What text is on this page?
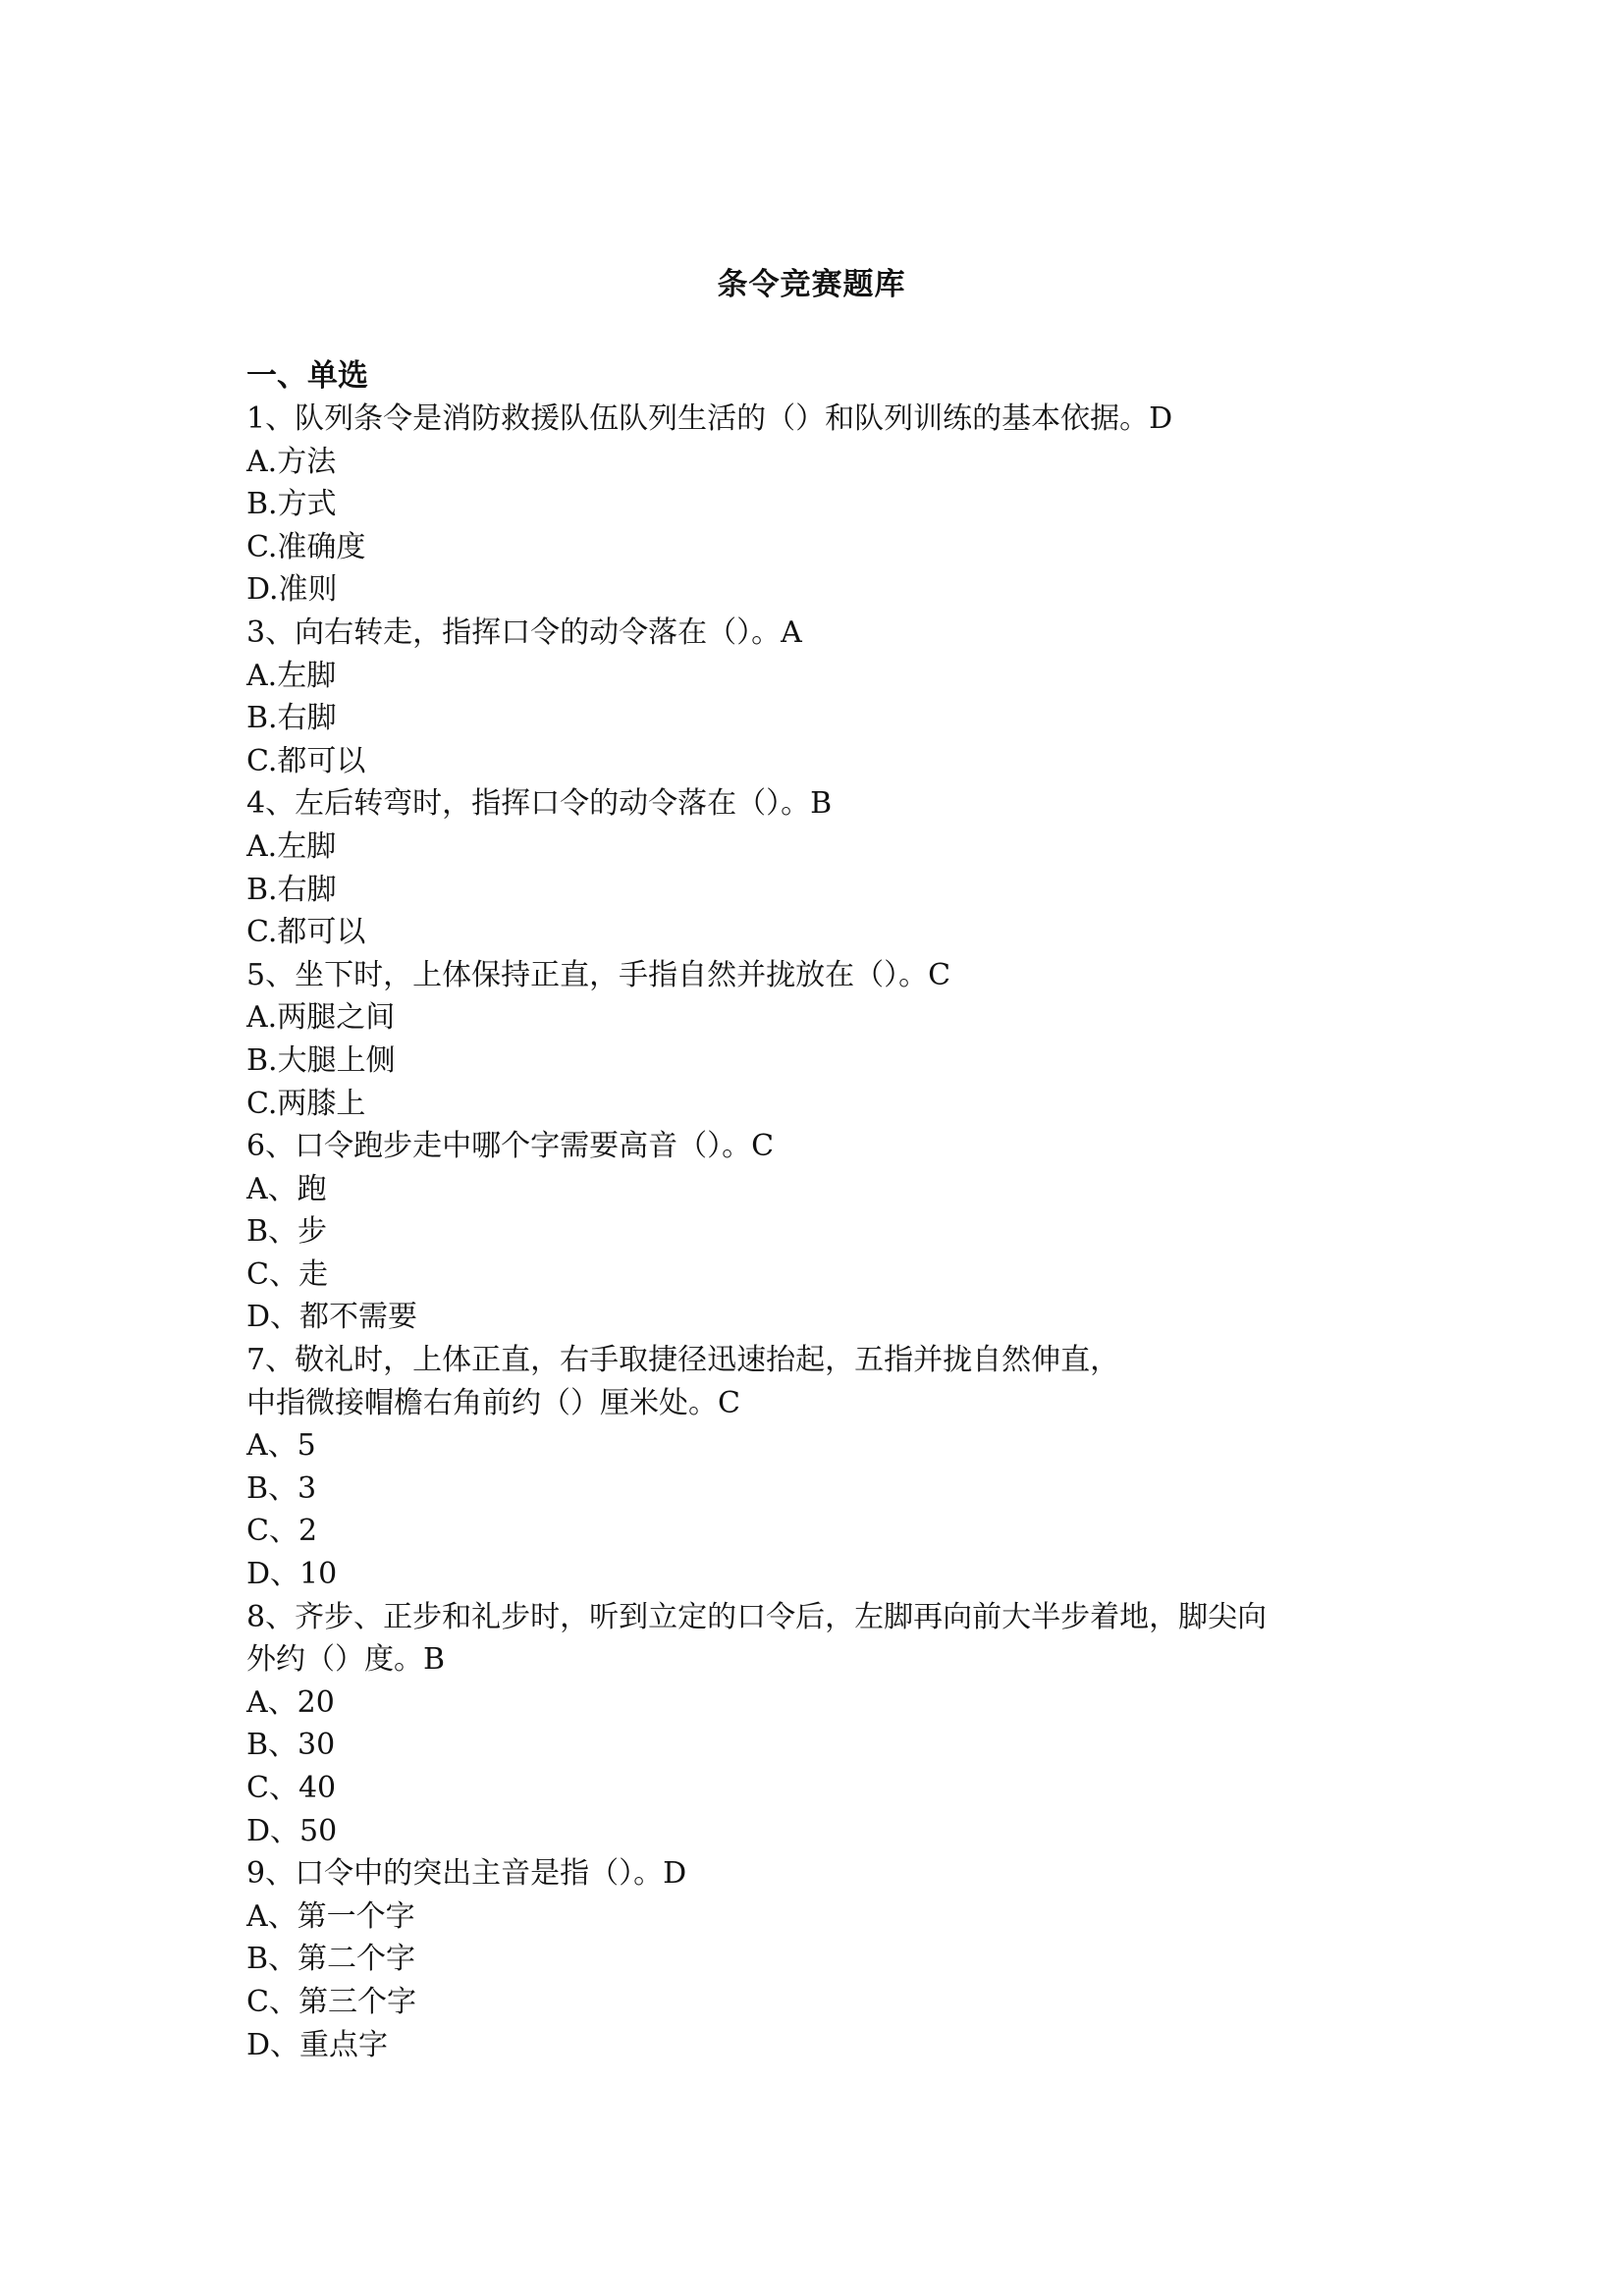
条令竞赛题库
一、单选
1、队列条令是消防救援队伍队列生活的（）和队列训练的基本依据。D
A.方法
B.方式
C.准确度
D.准则
3、向右转走，指挥口令的动令落在（）。A
A.左脚
B.右脚
C.都可以
4、左后转弯时，指挥口令的动令落在（）。B
A.左脚
B.右脚
C.都可以
5、坐下时，上体保持正直，手指自然并拢放在（）。C
A.两腿之间
B.大腿上侧
C.两膝上
6、口令跑步走中哪个字需要高音（）。C
A、跑
B、步
C、走
D、都不需要
7、敬礼时，上体正直，右手取捷径迅速抬起，五指并拢自然伸直，
中指微接帽檐右角前约（）厘米处。C
A、5
B、3
C、2
D、10
8、齐步、正步和礼步时，听到立定的口令后，左脚再向前大半步着地，脚尖向
外约（）度。B
A、20
B、30
C、40
D、50
9、口令中的突出主音是指（）。D
A、第一个字
B、第二个字
C、第三个字
D、重点字
